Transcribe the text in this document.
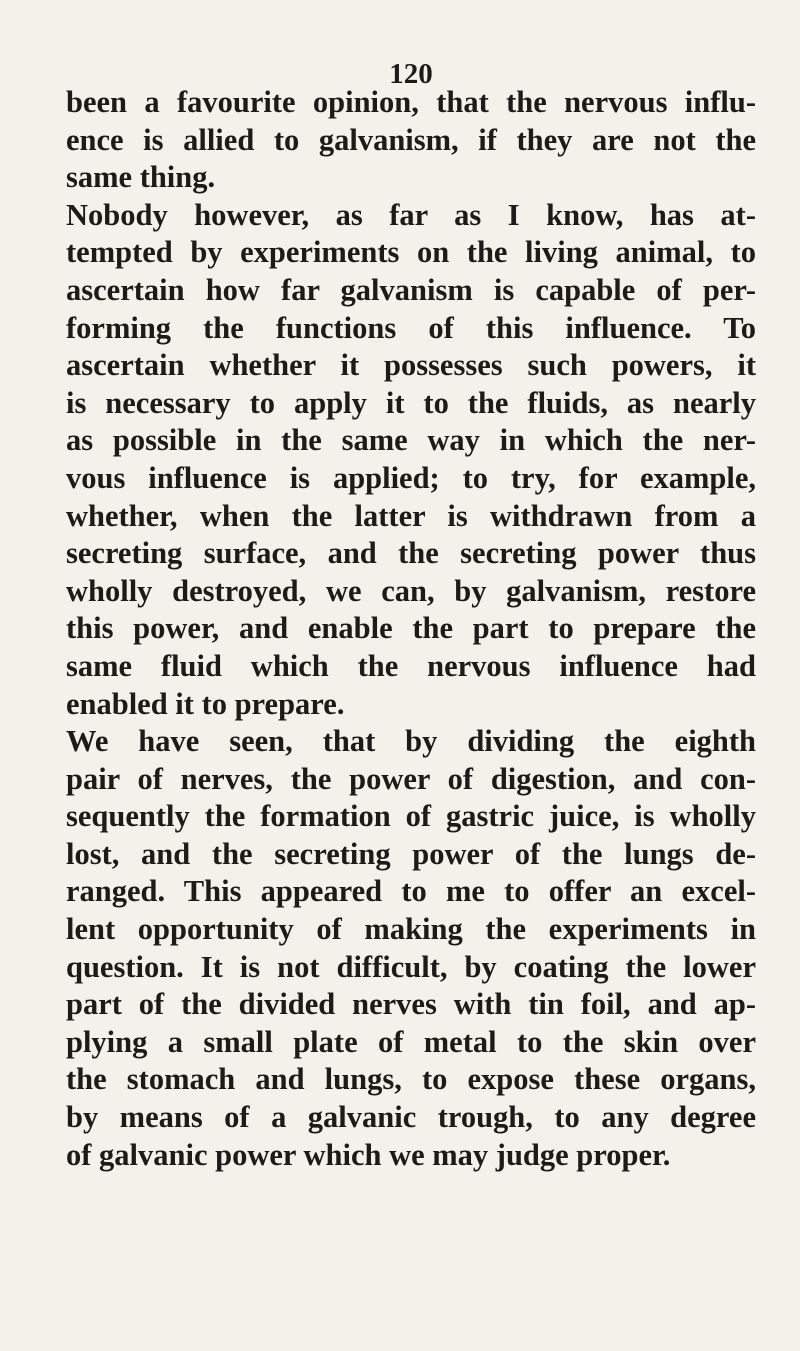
120
been a favourite opinion, that the nervous influ-
ence is allied to galvanism, if they are not the
same thing.
Nobody however, as far as I know, has at-
tempted by experiments on the living animal, to
ascertain how far galvanism is capable of per-
forming the functions of this influence. To
ascertain whether it possesses such powers, it
is necessary to apply it to the fluids, as nearly
as possible in the same way in which the ner-
vous influence is applied; to try, for example,
whether, when the latter is withdrawn from a
secreting surface, and the secreting power thus
wholly destroyed, we can, by galvanism, restore
this power, and enable the part to prepare the
same fluid which the nervous influence had
enabled it to prepare.
We have seen, that by dividing the eighth
pair of nerves, the power of digestion, and con-
sequently the formation of gastric juice, is wholly
lost, and the secreting power of the lungs de-
ranged. This appeared to me to offer an excel-
lent opportunity of making the experiments in
question. It is not difficult, by coating the lower
part of the divided nerves with tin foil, and ap-
plying a small plate of metal to the skin over
the stomach and lungs, to expose these organs,
by means of a galvanic trough, to any degree
of galvanic power which we may judge proper.
